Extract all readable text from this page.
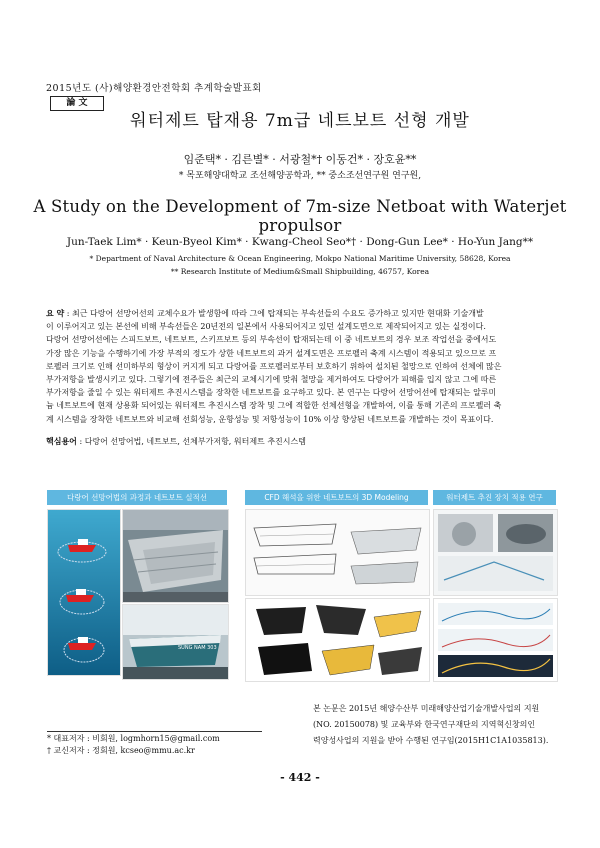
2015년도 (사)해양환경안전학회 추계학술발표회
論 文
워터제트 탑재용 7m급 네트보트 선형 개발
임준택* · 김른별* · 서광철*† 이동건* · 장호윤**
* 목포해양대학교 조선해양공학과, ** 중소조선연구원 연구원,
A Study on the Development of 7m-size Netboat with Waterjet propulsor
Jun-Taek Lim* · Keun-Byeol Kim* · Kwang-Cheol Seo*† · Dong-Gun Lee* · Ho-Yun Jang**
* Department of Naval Architecture & Ocean Engineering, Mokpo National Maritime University, 58628, Korea
** Research Institute of Medium&Small Shipbuilding, 46757, Korea
요 약 : 최근 다랑어 선망어선의 교체수요가 발생함에 따라 그에 탑재되는 부속선들의 수요도 증가하고 있지만 현대화 기술개발
이 이루어지고 있는 본선에 비해 부속선들은 20년전의 일본에서 사용되어지고 있던 설계도면으로 제작되어지고 있는 실정이다.
다랑어 선망어선에는 스피드보트, 네트보트, 스키프보트 등의 부속선이 탑재되는데 이 중 네트보트의 경우 보조 작업선을 중에서도
가장 많은 기능을 수행하기에 가장 부적의 정도가 상한 네트보트의 과거 설계도면은 프로펠러 축계 시스템이 적용되고 있으므로 프
로펠러 크기로 인해 선미하부의 형상이 커지게 되고 다랑어를 프로펠러로부터 보호하기 위하여 설치된 철망으로 인하여 선체에 많은
부가저항을 발생시키고 있다. 그렇기에 전주들은 최근의 교체시기에 맞춰 철망을 제거하여도 다랑어가 피해를 입지 않고 그에 따른
부가저항을 줄일 수 있는 워터제트 추진시스템을 장착한 네트보트를 요구하고 있다. 본 연구는 다랑어 선망어선에 탑재되는 알루미
늄 네트보트에 현재 상용화 되어있는 워터제트 추진시스템 장착 및 그에 적합한 선체선형을 개발하여, 이를 통해 기존의 프로펠러 축
계 시스템을 장착한 네트보트와 비교해 선회성능, 운항성능 및 저항성능이 10% 이상 향상된 네트보트를 개발하는 것이 목표이다.
핵심용어 : 다랑어 선망어법, 네트보트, 선체부가저항, 워터제트 추진시스템
다랑어 선망어법의 과정과 네트보트 실적선	CFD 해석을 위한 네트보트의 3D Modeling	워터제트 추진 장치 적용 연구
SUNG NAM 303
* 대표저자 : 비회원, logmhorn15@gmail.com
† 교신저자 : 정회원, kcseo@mmu.ac.kr
본 논문은 2015년 해양수산부 미래해양산업기술개발사업의 지원
(NO. 20150078) 및 교육부와 한국연구재단의 지역혁신창의인
력양성사업의 지원을 받아 수행된 연구임(2015H1C1A1035813).
- 442 -
